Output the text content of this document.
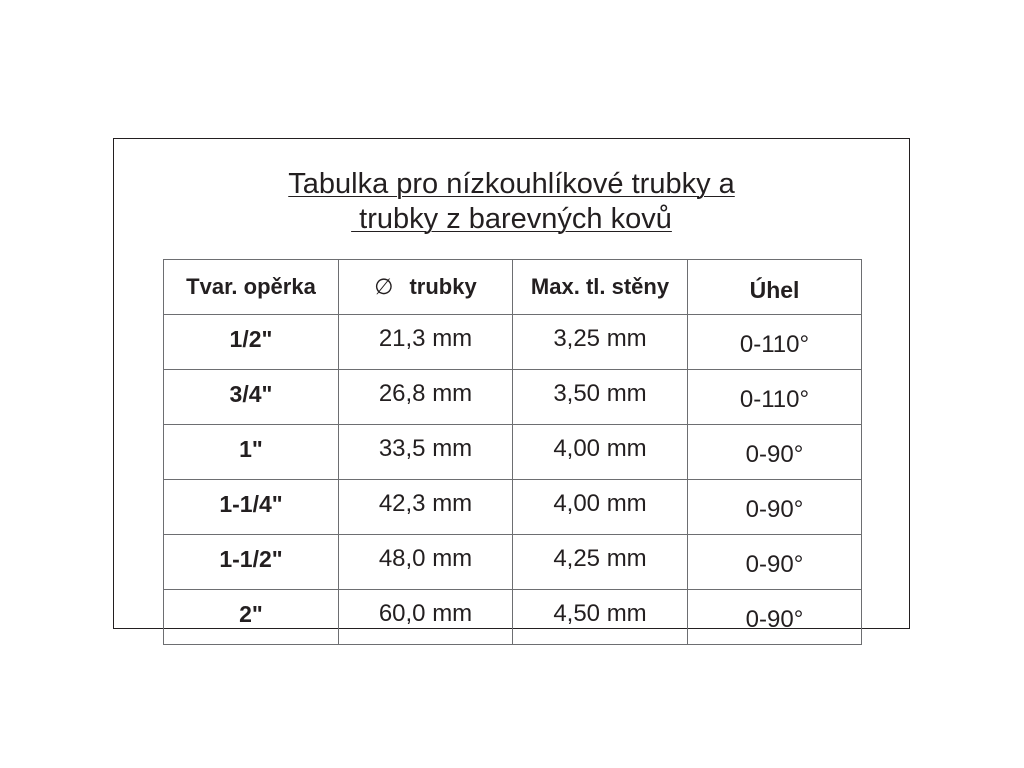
Tabulka pro nízkouhlíkové trubky a
trubky z barevných kovů
Tvar. opěrka	∅ trubky	Max. tl. stěny	Úhel
1/2"	21,3 mm	3,25 mm	0-110°
3/4"	26,8 mm	3,50 mm	0-110°
1"	33,5 mm	4,00 mm	0-90°
1-1/4"	42,3 mm	4,00 mm	0-90°
1-1/2"	48,0 mm	4,25 mm	0-90°
2"	60,0 mm	4,50 mm	0-90°
